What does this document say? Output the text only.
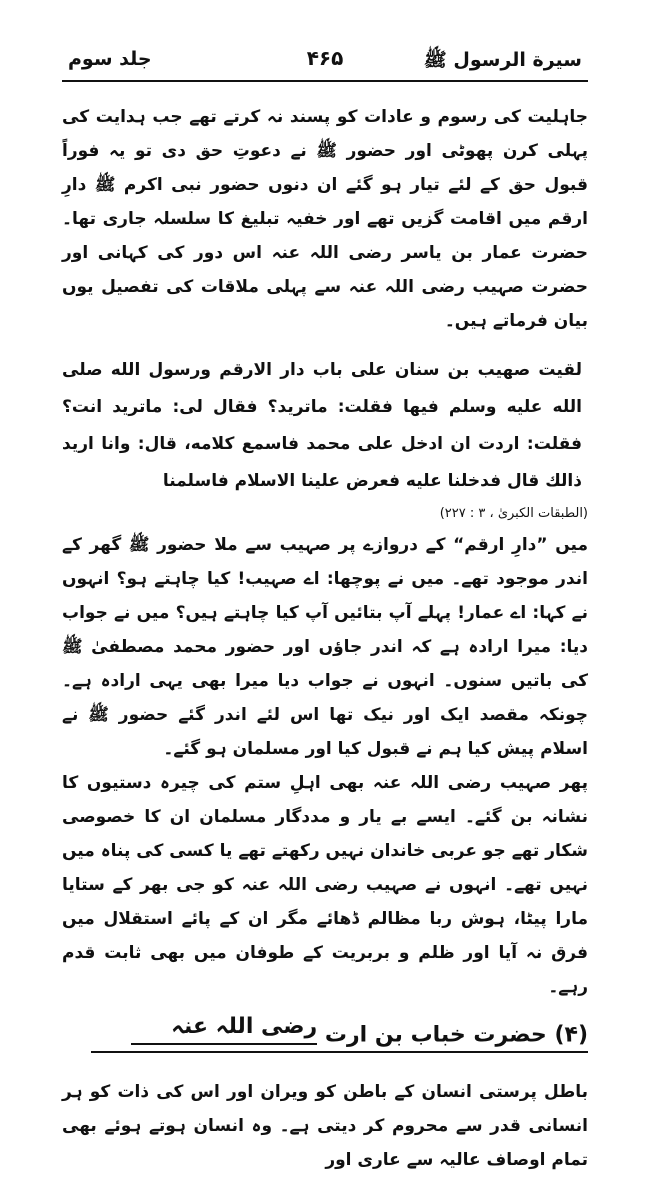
جلد سوم	۴۶۵	سیرة الرسول ﷺ

جاہلیت کی رسوم و عادات کو پسند نہ کرتے تھے جب ہدایت کی پہلی کرن پھوٹی اور حضور ﷺ نے دعوتِ حق دی تو یہ فوراً قبول حق کے لئے تیار ہو گئے ان دنوں حضور نبی اکرم ﷺ دارِ ارقم میں اقامت گزیں تھے اور خفیہ تبلیغ کا سلسلہ جاری تھا۔ حضرت عمار بن یاسر رضی اللہ عنہ اس دور کی کہانی اور حضرت صہیب رضی اللہ عنہ سے پہلی ملاقات کی تفصیل یوں بیان فرماتے ہیں۔

لقيت صهيب بن سنان على باب دار الارقم ورسول الله صلى الله عليه وسلم فيها فقلت: ماتريد؟ فقال لى: ماتريد انت؟ فقلت: اردت ان ادخل على محمد فاسمع كلامه، قال: وانا اريد ذالك قال فدخلنا عليه فعرض علينا الاسلام فاسلمنا
(الطبقات الكبرىٰ ، ۳ : ۲۲۷)

میں ”دارِ ارقم“ کے دروازے پر صہیب سے ملا حضور ﷺ گھر کے اندر موجود تھے۔ میں نے پوچھا: اے صہیب! کیا چاہتے ہو؟ انہوں نے کہا: اے عمار! پہلے آپ بتائیں آپ کیا چاہتے ہیں؟ میں نے جواب دیا: میرا ارادہ ہے کہ اندر جاؤں اور حضور محمد مصطفیٰ ﷺ کی باتیں سنوں۔ انہوں نے جواب دیا میرا بھی یہی ارادہ ہے۔ چونکہ مقصد ایک اور نیک تھا اس لئے اندر گئے حضور ﷺ نے اسلام پیش کیا ہم نے قبول کیا اور مسلمان ہو گئے۔

پھر صہیب رضی اللہ عنہ بھی اہلِ ستم کی چیرہ دستیوں کا نشانہ بن گئے۔ ایسے بے یار و مددگار مسلمان ان کا خصوصی شکار تھے جو عربی خاندان نہیں رکھتے تھے یا کسی کی پناہ میں نہیں تھے۔ انہوں نے صہیب رضی اللہ عنہ کو جی بھر کے ستایا مارا پیٹا، ہوش ربا مظالم ڈھائے مگر ان کے پائے استقلال میں فرق نہ آیا اور ظلم و بربریت کے طوفان میں بھی ثابت قدم رہے۔

(۴) حضرت خباب بن ارت رضی اللہ عنہ

باطل پرستی انسان کے باطن کو ویران اور اس کی ذات کو ہر انسانی قدر سے محروم کر دیتی ہے۔ وہ انسان ہوتے ہوئے بھی تمام اوصاف عالیہ سے عاری اور
